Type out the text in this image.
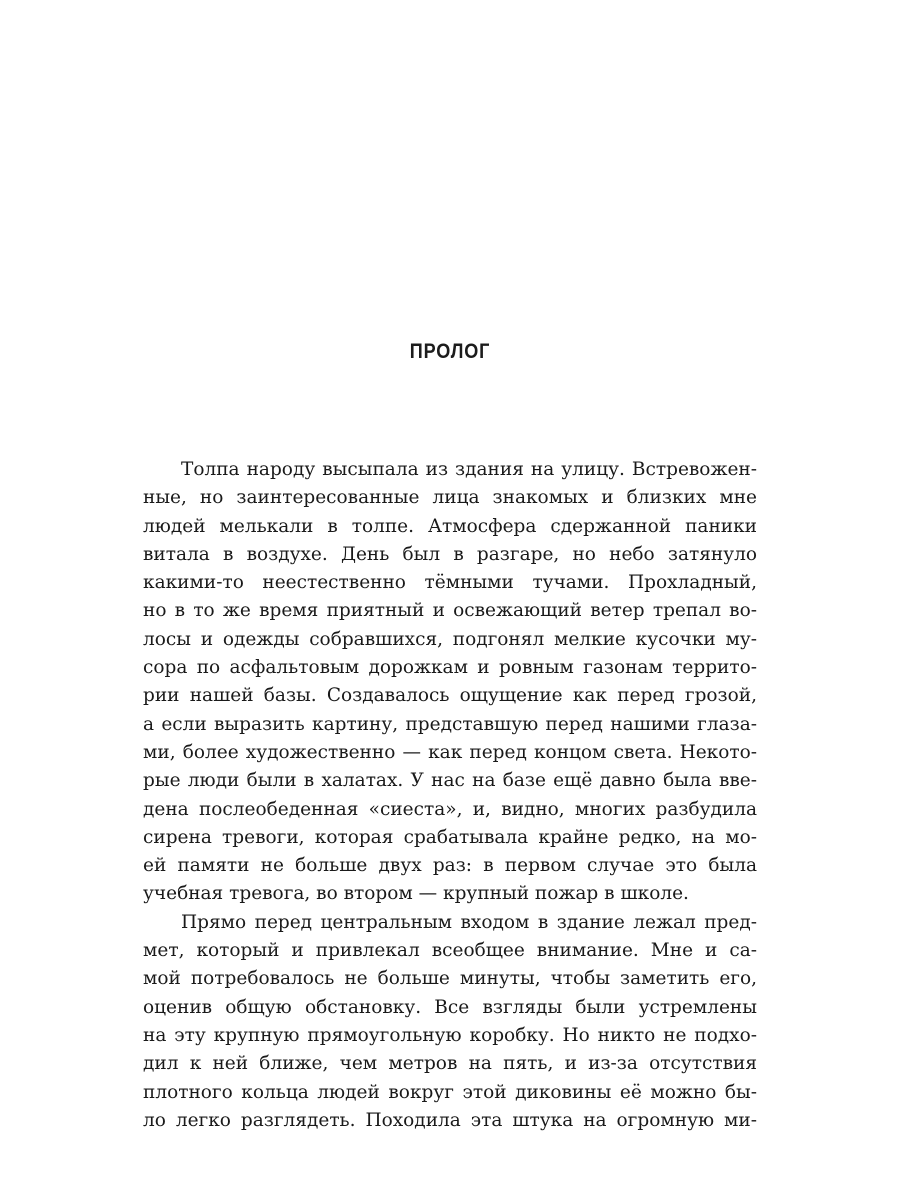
ПРОЛОГ
Толпа народу высыпала из здания на улицу. Встревожен-
ные, но заинтересованные лица знакомых и близких мне
людей мелькали в толпе. Атмосфера сдержанной паники
витала в воздухе. День был в разгаре, но небо затянуло
какими-то неестественно тёмными тучами. Прохладный,
но в то же время приятный и освежающий ветер трепал во-
лосы и одежды собравшихся, подгонял мелкие кусочки му-
сора по асфальтовым дорожкам и ровным газонам террито-
рии нашей базы. Создавалось ощущение как перед грозой,
а если выразить картину, представшую перед нашими глаза-
ми, более художественно — как перед концом света. Некото-
рые люди были в халатах. У нас на базе ещё давно была вве-
дена послеобеденная «сиеста», и, видно, многих разбудила
сирена тревоги, которая срабатывала крайне редко, на мо-
ей памяти не больше двух раз: в первом случае это была
учебная тревога, во втором — крупный пожар в школе.
Прямо перед центральным входом в здание лежал пред-
мет, который и привлекал всеобщее внимание. Мне и са-
мой потребовалось не больше минуты, чтобы заметить его,
оценив общую обстановку. Все взгляды были устремлены
на эту крупную прямоугольную коробку. Но никто не подхо-
дил к ней ближе, чем метров на пять, и из-за отсутствия
плотного кольца людей вокруг этой диковины её можно бы-
ло легко разглядеть. Походила эта штука на огромную ми-
